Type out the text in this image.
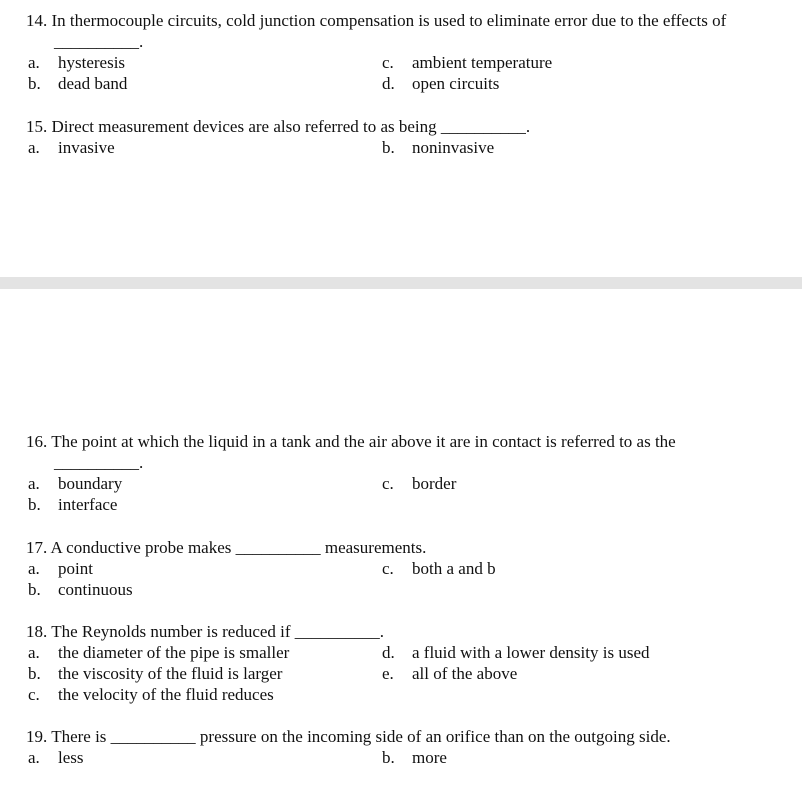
14. In thermocouple circuits, cold junction compensation is used to eliminate error due to the effects of
__________.
a. hysteresis
b. dead band
c. ambient temperature
d. open circuits
15. Direct measurement devices are also referred to as being __________.
a. invasive	b. noninvasive
16. The point at which the liquid in a tank and the air above it are in contact is referred to as the
__________.
a. boundary
b. interface
c. border
17. A conductive probe makes __________ measurements.
a. point
b. continuous
c. both a and b
18. The Reynolds number is reduced if __________.
a. the diameter of the pipe is smaller
b. the viscosity of the fluid is larger
c. the velocity of the fluid reduces
d. a fluid with a lower density is used
e. all of the above
19. There is __________ pressure on the incoming side of an orifice than on the outgoing side.
a. less	b. more
